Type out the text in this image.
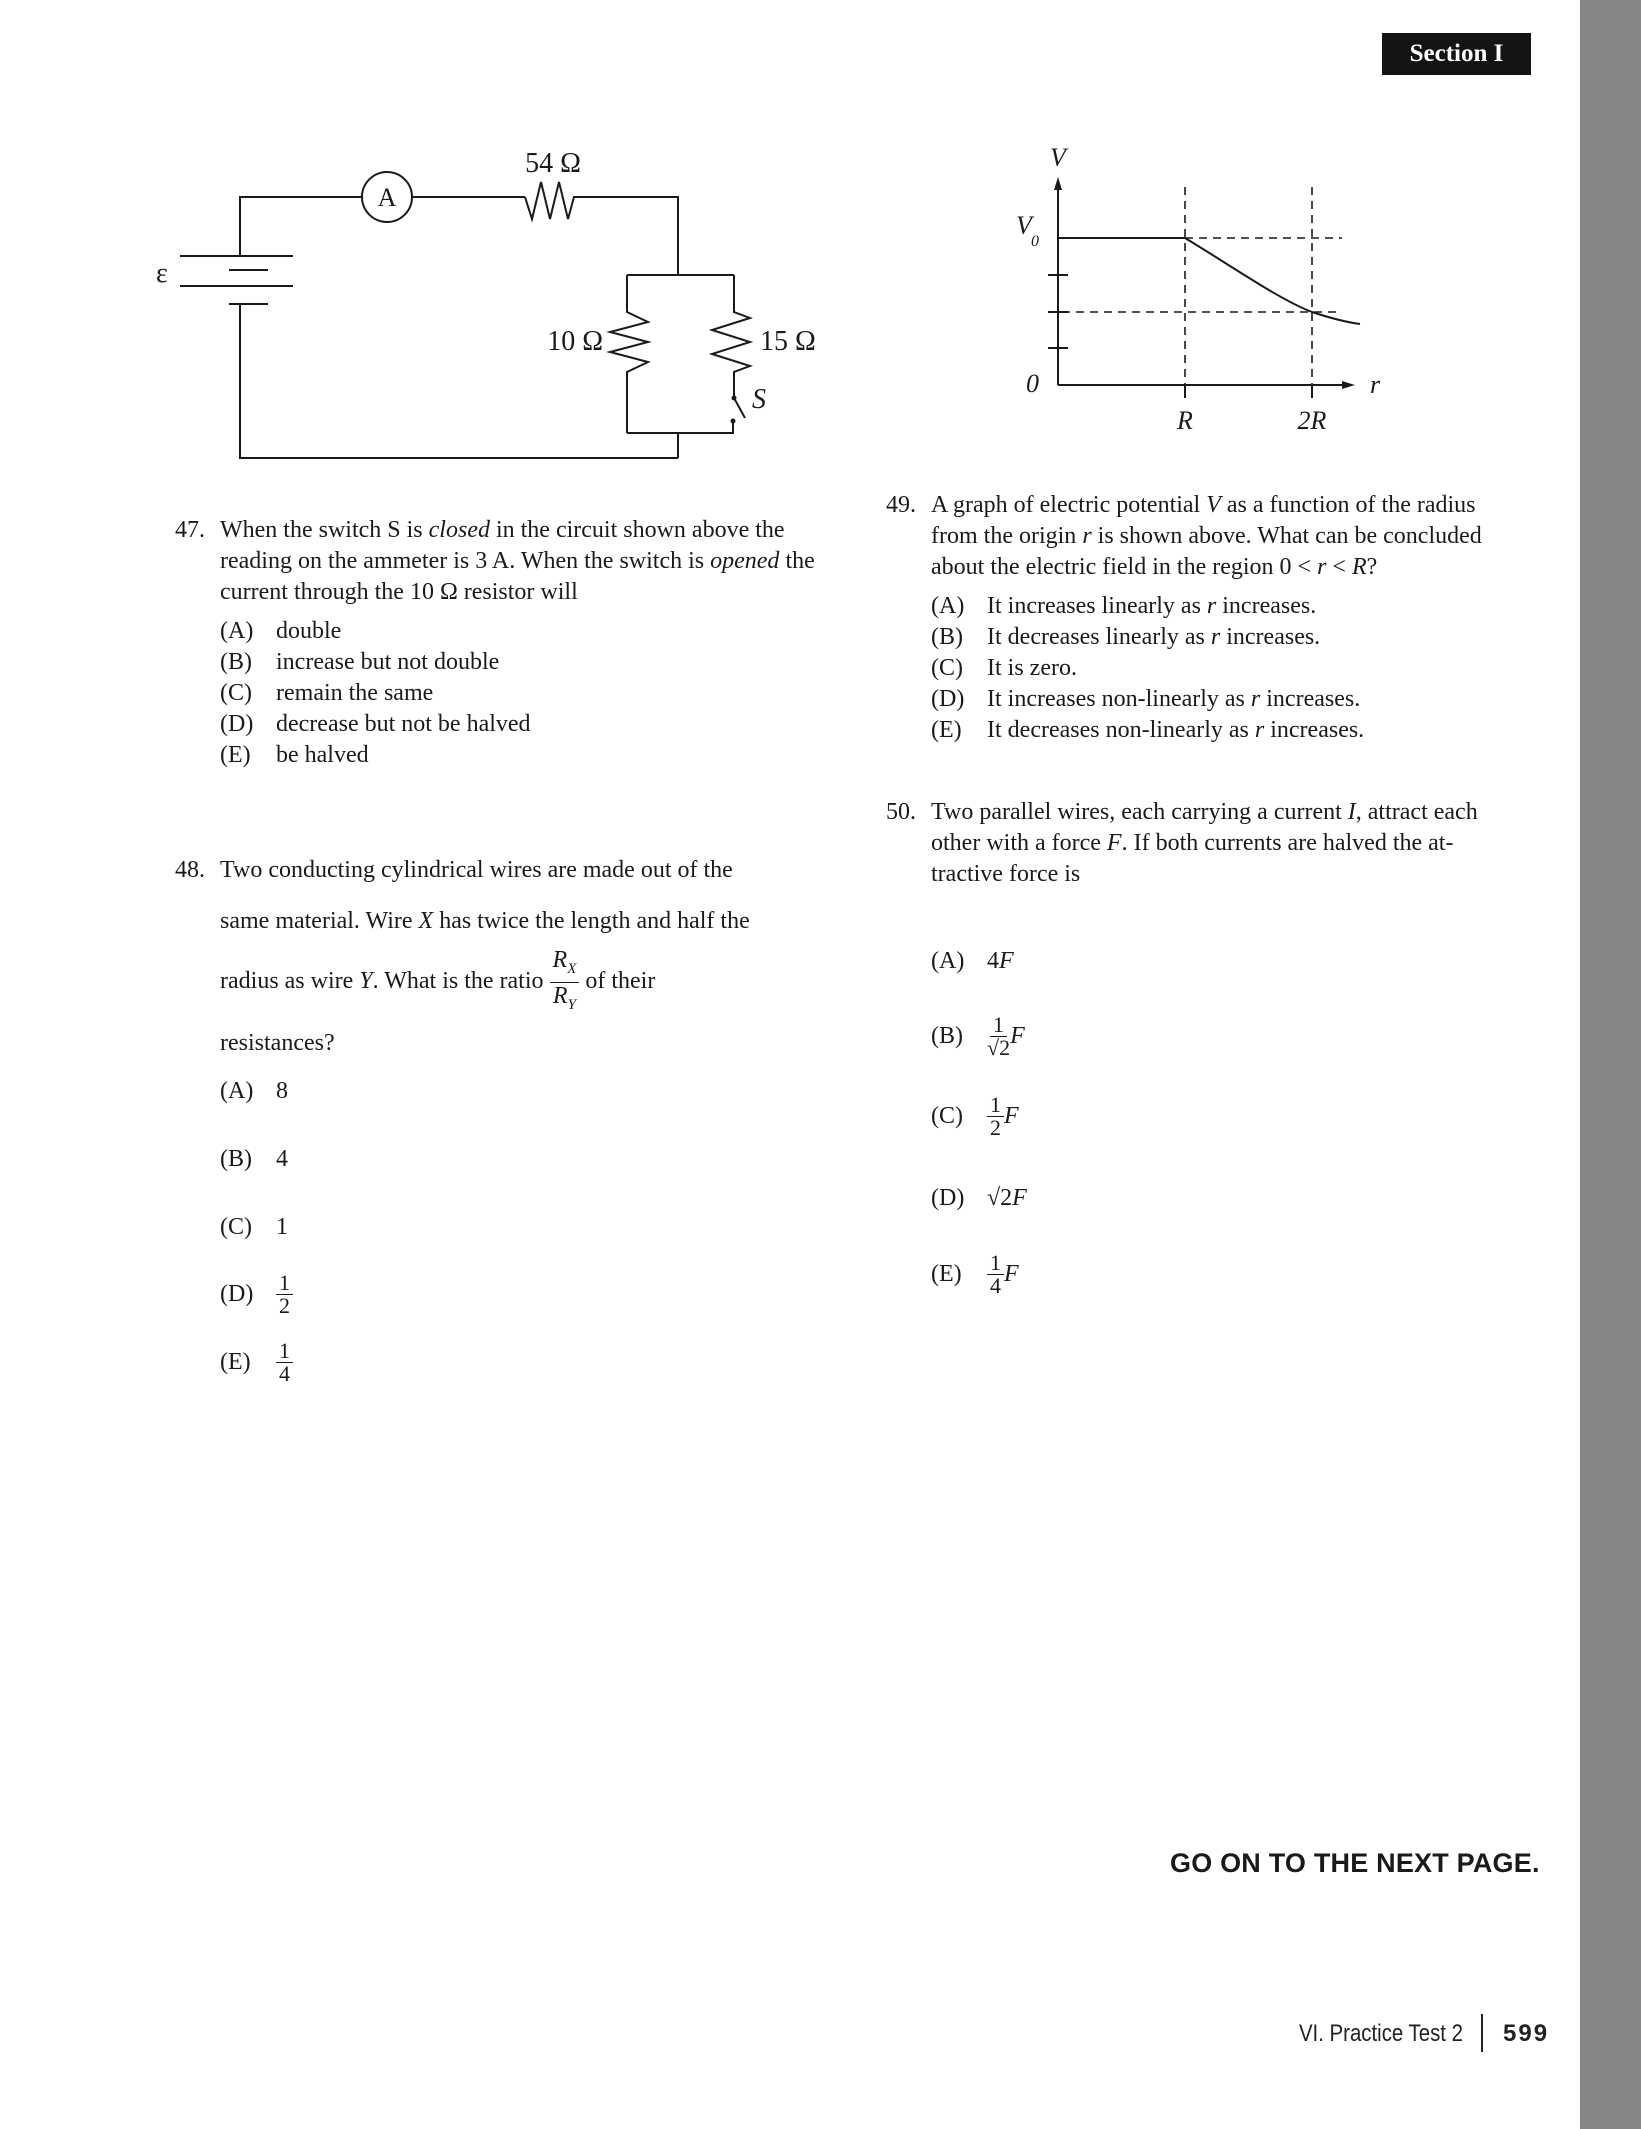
Section I
A
ε
54 Ω
10 Ω	15 Ω
S
V
r
V
0
0
R	2R
47. When the switch S is closed in the circuit shown above the reading on the ammeter is 3 A. When the switch is opened the current through the 10 Ω resistor will
(A) double
(B)	increase but not double
(C)	remain the same
(D) decrease but not be halved
(E)	be halved
48. Two conducting cylindrical wires are made out of the
same material. Wire X has twice the length and half the
radius as wire Y. What is the ratio $\frac{R_X}{R_Y}$ of their
resistances?
(A) 8
(B)	4
(C)	1
(D)	$\frac{1}{2}$
(E)	$\frac{1}{4}$
49. A graph of electric potential V as a function of the radius
from the origin r is shown above. What can be concluded
about the electric field in the region 0 < r < R?
(A) It increases linearly as r increases.
(B)	It decreases linearly as r increases.
(C)	It is zero.
(D) It increases non-linearly as r increases.
(E)	It decreases non-linearly as r increases.
50. Two parallel wires, each carrying a current I, attract each
other with a force F. If both currents are halved the at-
tractive force is
(A) 4 F
(B)	$\frac{1}{√2}$ F
(C)	$\frac{1}{2}$ F
(D) √2 F
(E)	$\frac{1}{4}$ F
GO ON TO THE NEXT PAGE.
VI. Practice Test 2 599
